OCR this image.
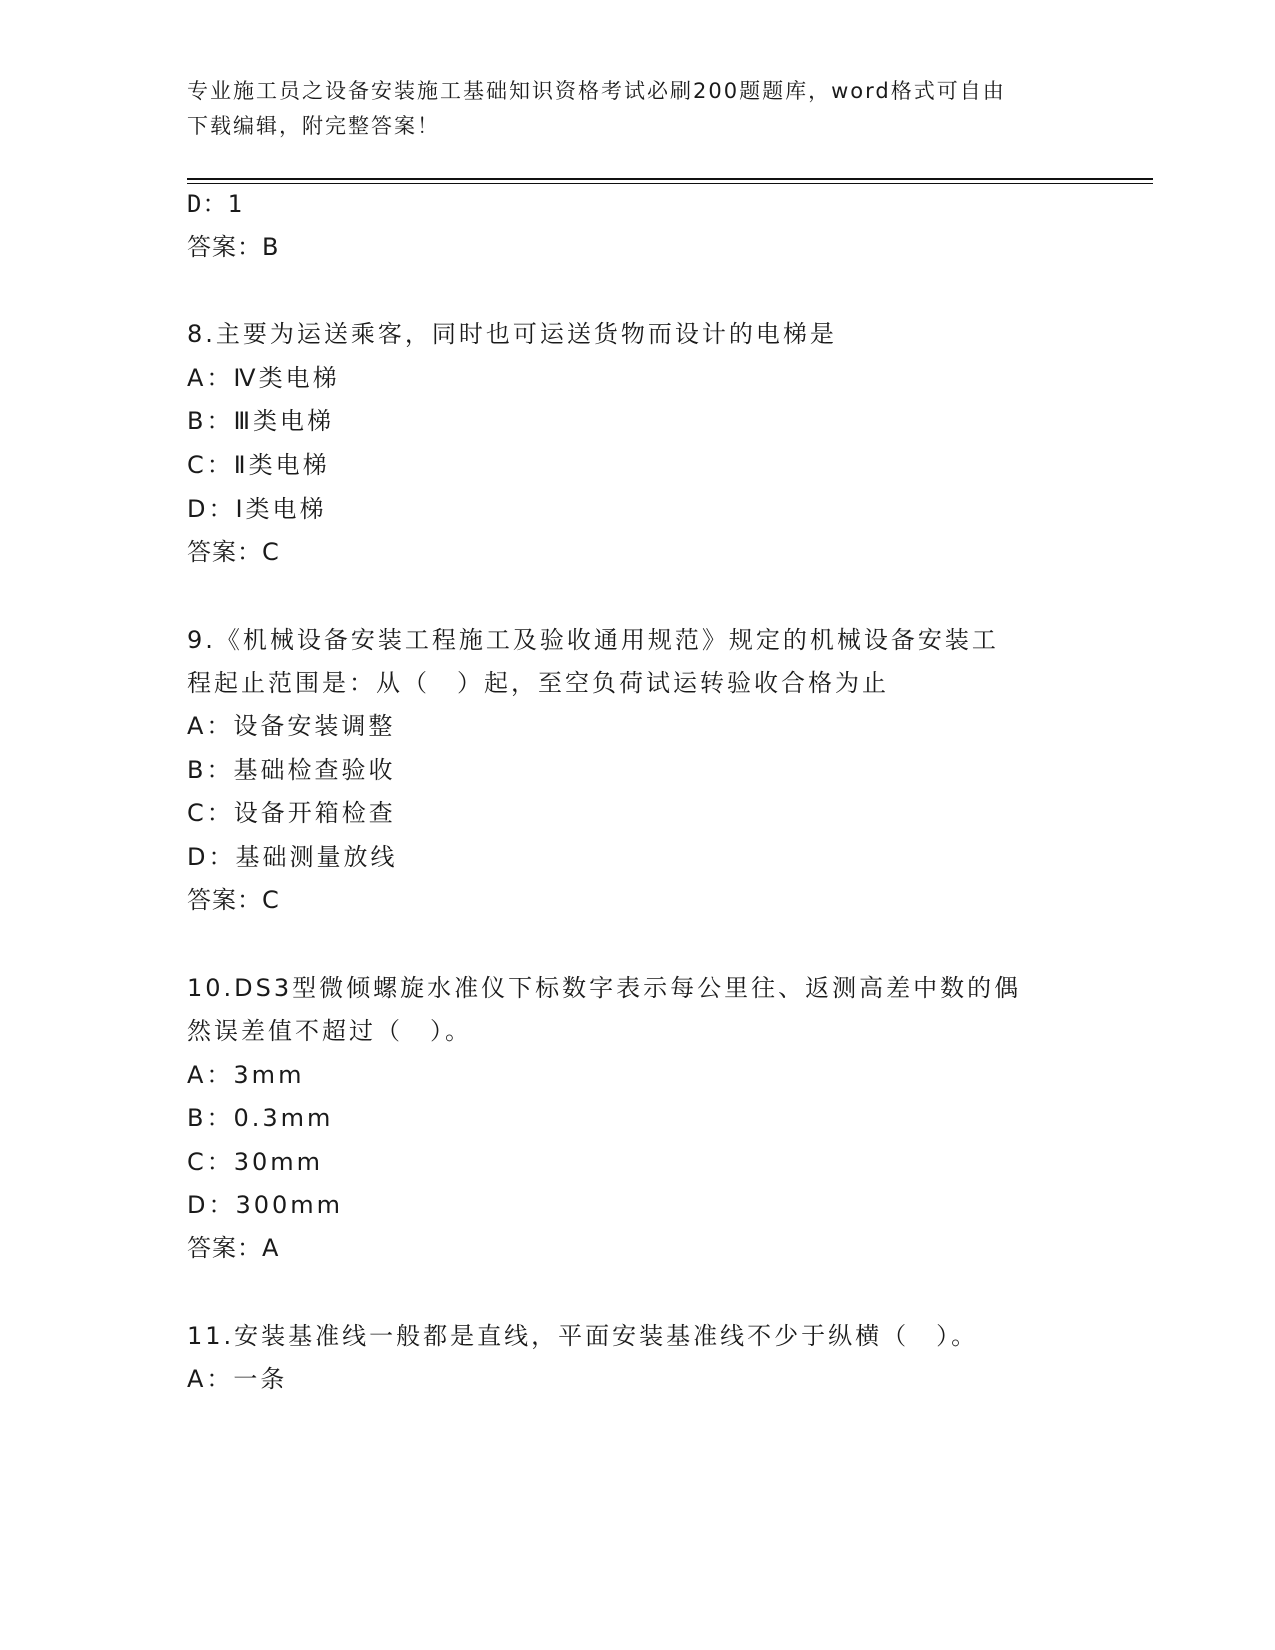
专业施工员之设备安装施工基础知识资格考试必刷200题题库，word格式可自由
下载编辑，附完整答案！
D：1
答案：B
8.主要为运送乘客，同时也可运送货物而设计的电梯是
A：Ⅳ类电梯
B：Ⅲ类电梯
C：Ⅱ类电梯
D：Ⅰ类电梯
答案：C
9.《机械设备安装工程施工及验收通用规范》规定的机械设备安装工
程起止范围是：从（　）起，至空负荷试运转验收合格为止
A：设备安装调整
B：基础检查验收
C：设备开箱检查
D：基础测量放线
答案：C
10.DS3型微倾螺旋水准仪下标数字表示每公里往、返测高差中数的偶
然误差值不超过（　）。
A：3mm
B：0.3mm
C：30mm
D：300mm
答案：A
11.安装基准线一般都是直线，平面安装基准线不少于纵横（　）。
A：一条
